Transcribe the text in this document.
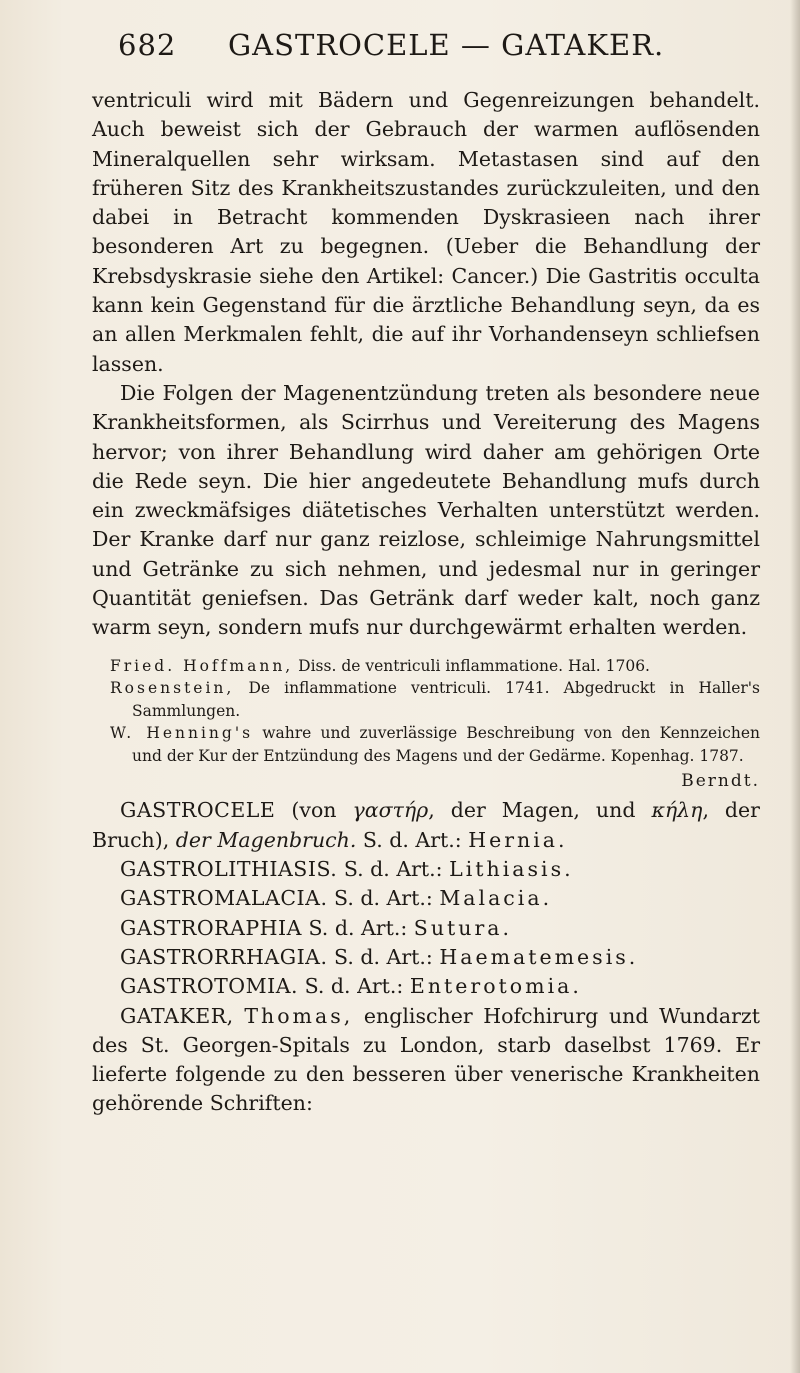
682 GASTROCELE — GATAKER.

ventriculi wird mit Bädern und Gegenreizungen behandelt. Auch beweist sich der Gebrauch der warmen auflösenden Mineralquellen sehr wirksam. Metastasen sind auf den früheren Sitz des Krankheitszustandes zurückzuleiten, und den dabei in Betracht kommenden Dyskrasieen nach ihrer besonderen Art zu begegnen. (Ueber die Behandlung der Krebsdyskrasie siehe den Artikel: Cancer.) Die Gastritis occulta kann kein Gegenstand für die ärztliche Behandlung seyn, da es an allen Merkmalen fehlt, die auf ihr Vorhandenseyn schliefsen lassen.

Die Folgen der Magenentzündung treten als besondere neue Krankheitsformen, als Scirrhus und Vereiterung des Magens hervor; von ihrer Behandlung wird daher am gehörigen Orte die Rede seyn. Die hier angedeutete Behandlung mufs durch ein zweckmäfsiges diätetisches Verhalten unterstützt werden. Der Kranke darf nur ganz reizlose, schleimige Nahrungsmittel und Getränke zu sich nehmen, und jedesmal nur in geringer Quantität geniefsen. Das Getränk darf weder kalt, noch ganz warm seyn, sondern mufs nur durchgewärmt erhalten werden.

Fried. Hoffmann, Diss. de ventriculi inflammatione. Hal. 1706.

Rosenstein, De inflammatione ventriculi. 1741. Abgedruckt in Haller's Sammlungen.

W. Henning's wahre und zuverlässige Beschreibung von den Kennzeichen und der Kur der Entzündung des Magens und der Gedärme. Kopenhag. 1787.

Berndt.

GASTROCELE (von γαστήρ, der Magen, und κήλη, der Bruch), der Magenbruch. S. d. Art.: Hernia.

GASTROLITHIASIS. S. d. Art.: Lithiasis.

GASTROMALACIA. S. d. Art.: Malacia.

GASTRORAPHIA S. d. Art.: Sutura.

GASTRORRHAGIA. S. d. Art.: Haematemesis.

GASTROTOMIA. S. d. Art.: Enterotomia.

GATAKER, Thomas, englischer Hofchirurg und Wundarzt des St. Georgen-Spitals zu London, starb daselbst 1769. Er lieferte folgende zu den besseren über venerische Krankheiten gehörende Schriften:
